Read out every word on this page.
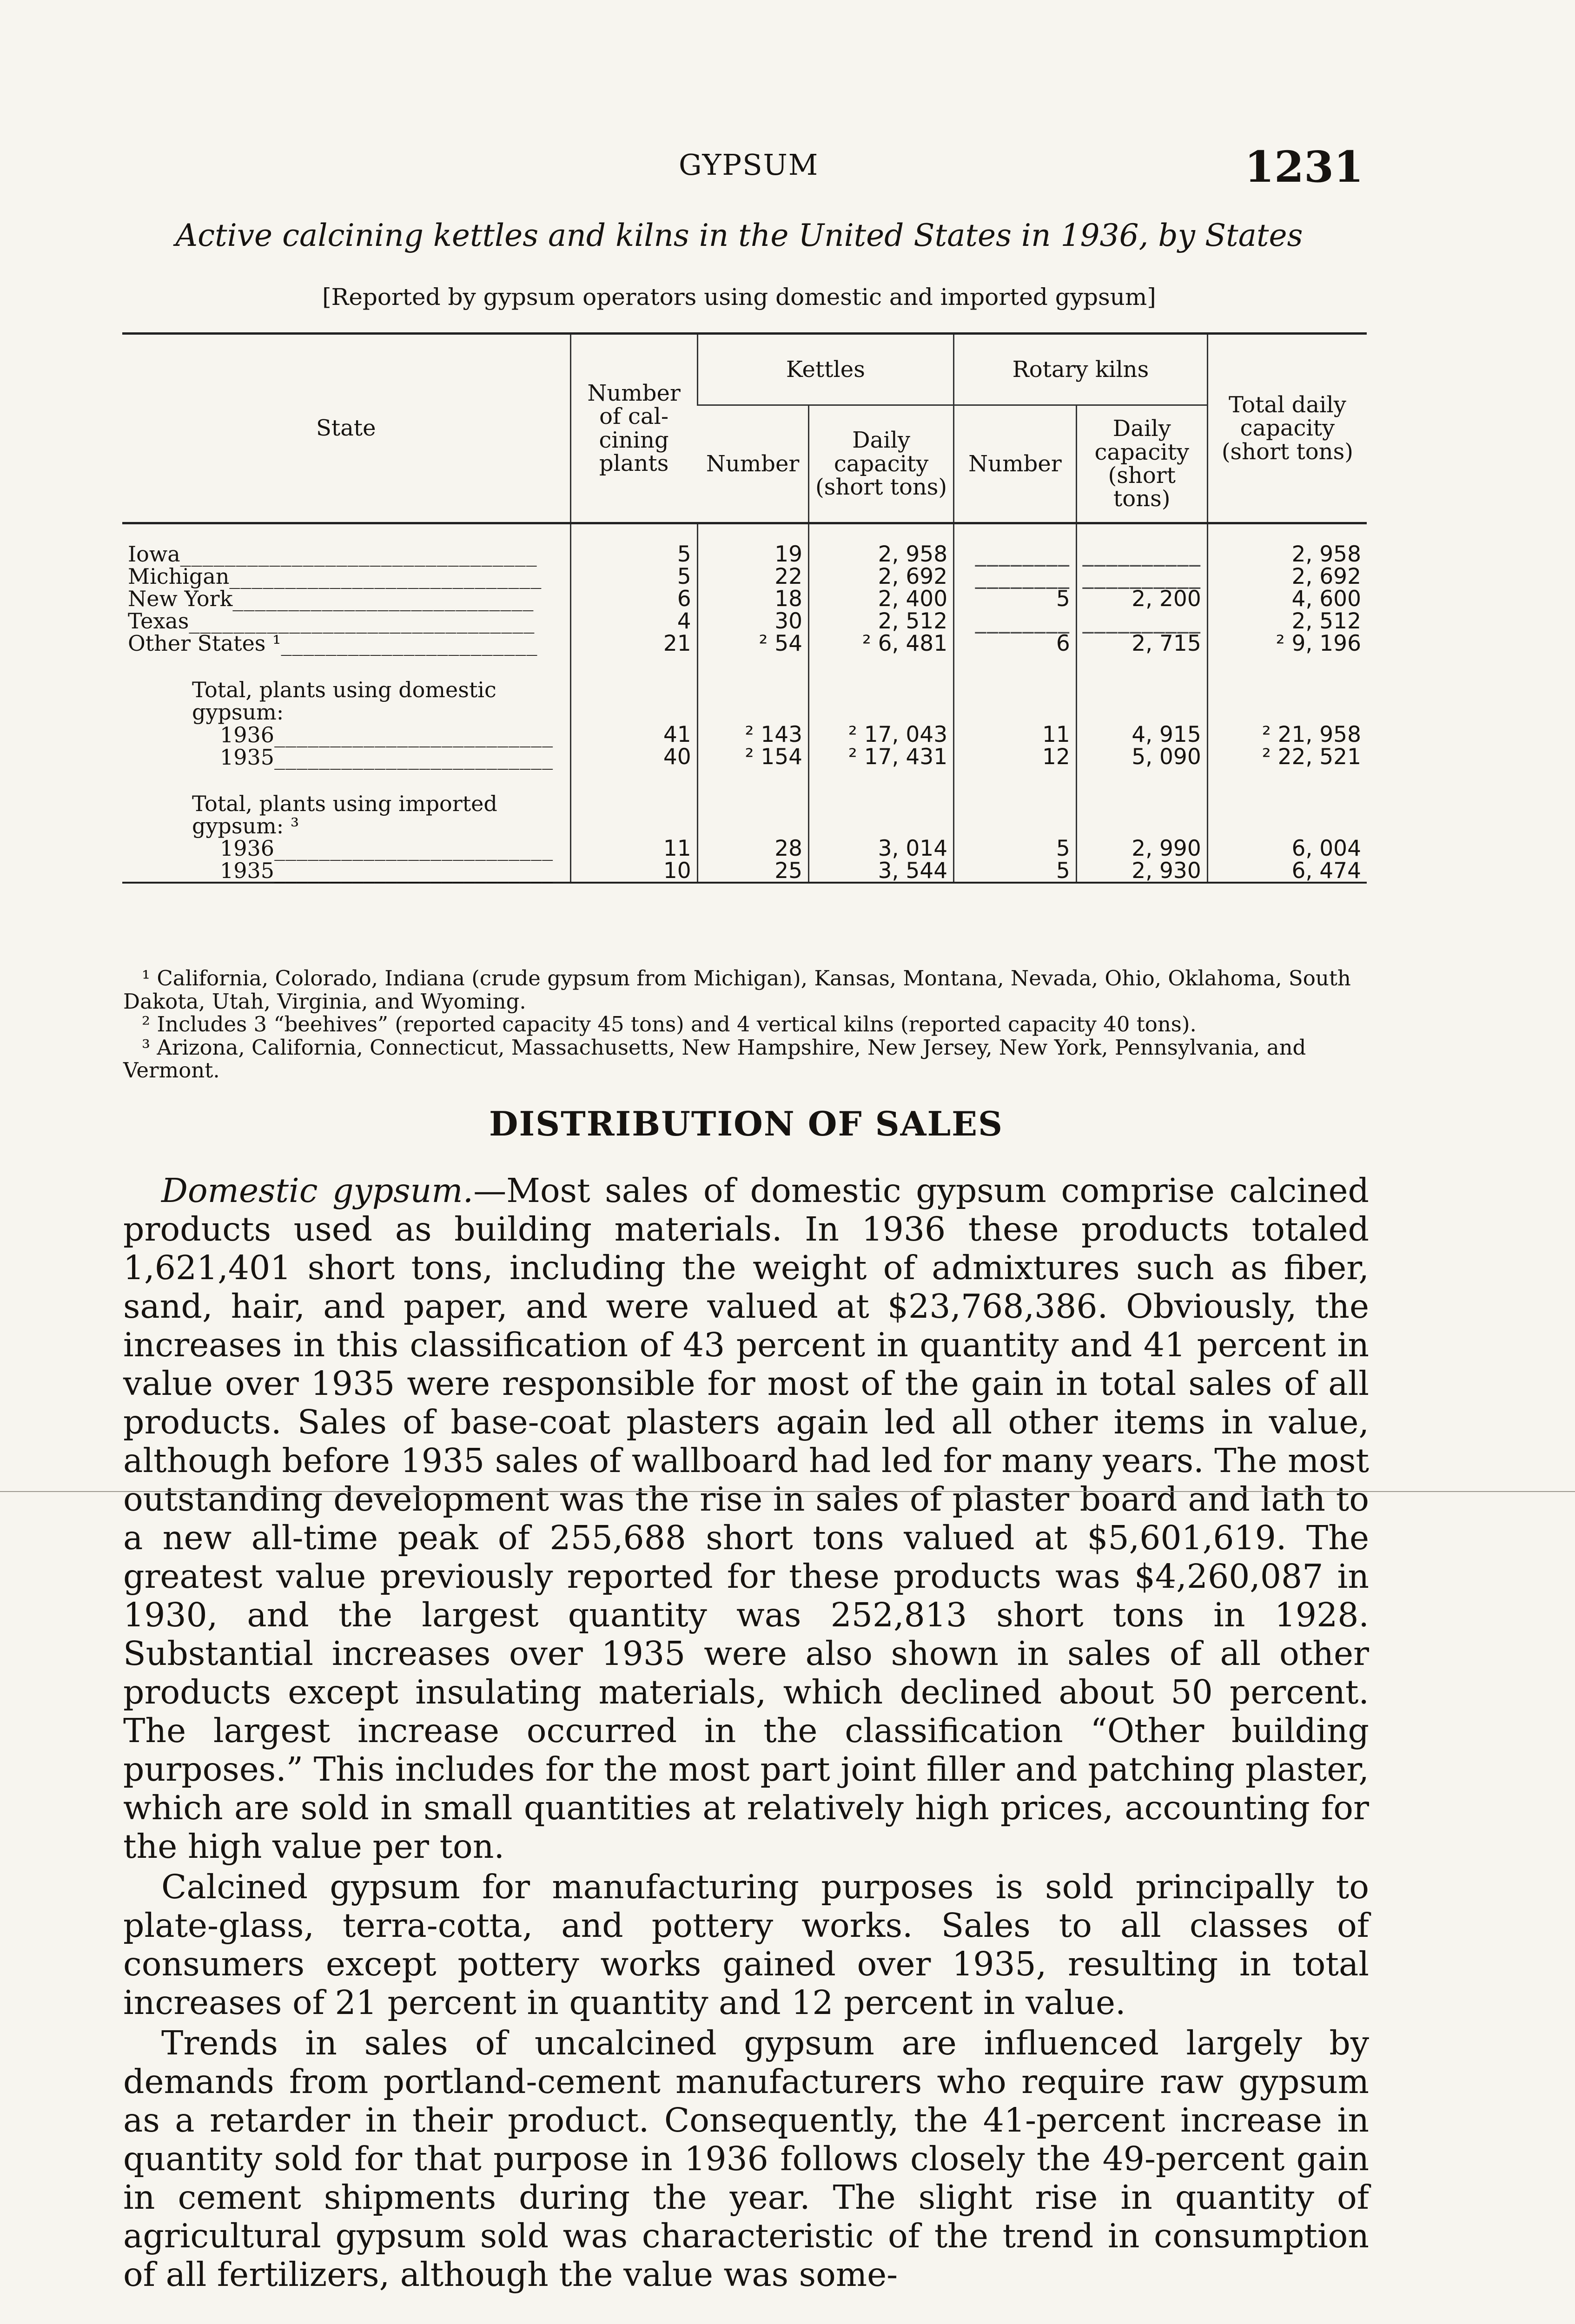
GYPSUM	1231
Active calcining kettles and kilns in the United States in 1936, by States
[Reported by gypsum operators using domestic and imported gypsum]
State	Number of cal- cining plants	Kettles		Rotary kilns		Total daily capacity (short tons)
		Number	Daily capacity (short tons)	Number	Daily capacity (short tons)	

Iowa________________________________	5	19	2, 958	________	__________	2, 958
Michigan____________________________	5	22	2, 692	________	__________	2, 692
New York___________________________	6	18	2, 400	5	2, 200	4, 600
Texas_______________________________	4	30	2, 512	________	__________	2, 512
Other States ¹_______________________	21	² 54	² 6, 481	6	2, 715	² 9, 196

Total, plants using domestic gypsum:						
1936_________________________	41	² 143	² 17, 043	11	4, 915	² 21, 958
1935_________________________	40	² 154	² 17, 431	12	5, 090	² 22, 521

Total, plants using imported gypsum: ³						
1936_________________________	11	28	3, 014	5	2, 990	6, 004
1935_________________________	10	25	3, 544	5	2, 930	6, 474

¹ California, Colorado, Indiana (crude gypsum from Michigan), Kansas, Montana, Nevada, Ohio, Oklahoma, South Dakota, Utah, Virginia, and Wyoming.

² Includes 3 “beehives” (reported capacity 45 tons) and 4 vertical kilns (reported capacity 40 tons).

³ Arizona, California, Connecticut, Massachusetts, New Hampshire, New Jersey, New York, Pennsylvania, and Vermont.

DISTRIBUTION OF SALES

Domestic gypsum.—Most sales of domestic gypsum comprise calcined products used as building materials. In 1936 these products totaled 1,621,401 short tons, including the weight of admixtures such as fiber, sand, hair, and paper, and were valued at $23,768,386. Obviously, the increases in this classification of 43 percent in quantity and 41 percent in value over 1935 were responsible for most of the gain in total sales of all products. Sales of base-coat plasters again led all other items in value, although before 1935 sales of wallboard had led for many years. The most outstanding development was the rise in sales of plaster board and lath to a new all-time peak of 255,688 short tons valued at $5,601,619. The greatest value previously reported for these products was $4,260,087 in 1930, and the largest quantity was 252,813 short tons in 1928. Substantial increases over 1935 were also shown in sales of all other products except insulating materials, which declined about 50 percent. The largest increase occurred in the classification “Other building purposes.” This includes for the most part joint filler and patching plaster, which are sold in small quantities at relatively high prices, accounting for the high value per ton.

Calcined gypsum for manufacturing purposes is sold principally to plate-glass, terra-cotta, and pottery works. Sales to all classes of consumers except pottery works gained over 1935, resulting in total increases of 21 percent in quantity and 12 percent in value.

Trends in sales of uncalcined gypsum are influenced largely by demands from portland-cement manufacturers who require raw gypsum as a retarder in their product. Consequently, the 41-percent increase in quantity sold for that purpose in 1936 follows closely the 49-percent gain in cement shipments during the year. The slight rise in quantity of agricultural gypsum sold was characteristic of the trend in consumption of all fertilizers, although the value was some-
